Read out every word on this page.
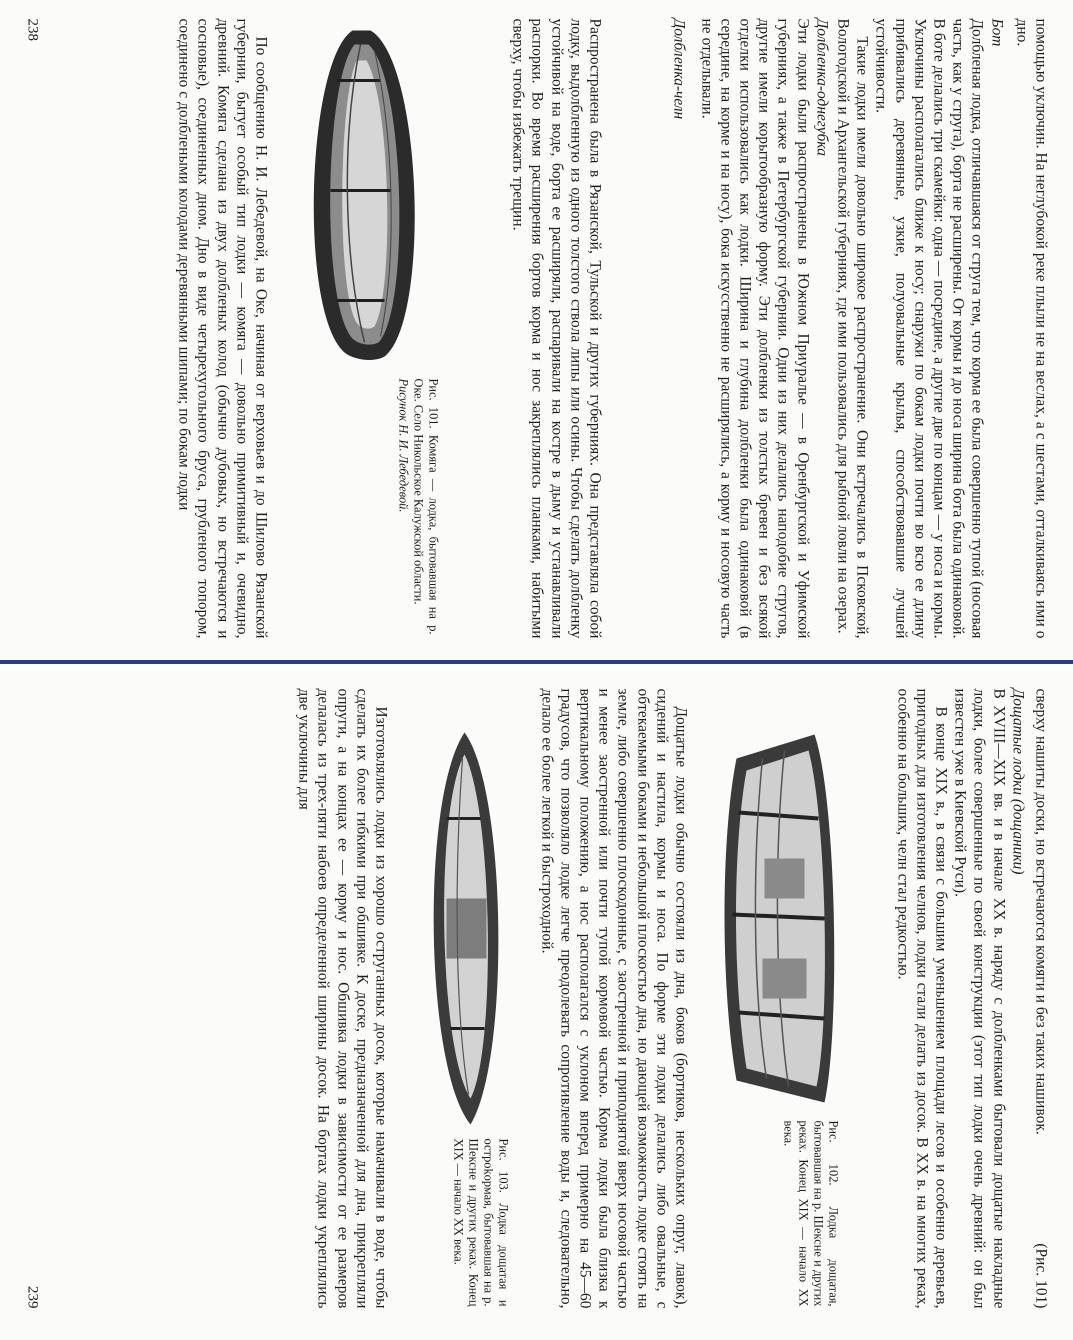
помощью уключин. На неглубокой реке плыли не на веслах, а с шестами, отталкиваясь ими о дно.

Бот

Долбленая лодка, отличавшаяся от струга тем, что корма ее была совершенно тупой (носовая часть, как у струга), борта не расширены. От кормы и до носа ширина бота была одинаковой. В боте делались три скамейки: одна — посредине, а другие две по концам — у носа и кормы. Уключины располагались ближе к носу; снаружи по бокам лодки почти во всю ее длину прибивались деревянные, узкие, полуовальные крылья, способствовавшие лучшей устойчивости.

Такие лодки имели довольно широкое распространение. Они встречались в Псковской, Вологодской и Архангельской губерниях, где ими пользовались для рыбной ловли на озерах.

Долбленка-однегубка

Эти лодки были распространены в Южном Приуралье — в Оренбургской и Уфимской губерниях, а также в Петербургской губернии. Одни из них делались наподобие стругов, другие имели корытообразную форму. Эти долбленки из толстых бревен и без всякой отделки использовались как лодки. Ширина и глубина долбленки была одинаковой (в середине, на корме и на носу), бока искусственно не расширялись, а корму и носовую часть не отделывали.

Долбленка-челн

Распространена была в Рязанской, Тульской и других губерниях. Она представляла собой лодку, выдолбленную из одного толстого ствола липы или осины. Чтобы сделать долбленку устойчивой на воде, борта ее расширяли, распаривали на костре в дыму и устанавливали распорки. Во время расширения бортов корма и нос закреплялись планками, набитыми сверху, чтобы избежать трещин.

Рис. 101. Комяга — лодка, бытовавшая на р. Оке. Село Никольское Калужской области.
Рисунок Н. И. Лебедевой.

По сообщению Н. И. Лебедевой, на Оке, начиная от верховьев и до Шилово Рязанской губернии, бытует особый тип лодки — комяга — довольно примитивный и, очевидно, древний. Комяга сделана из двух долбленых колод (обычно дубовых, но встречаются и сосновые), соединенных дном. Дно в виде четырехугольного бруса, грубленого топором, соединено с долблеными колодами деревянными шипами; по бокам лодки

238

сверху нашиты доски, но встречаются комяги и без таких нашивок.
(Рис. 101)

Дощатые лодки (дощаники)

В XVIII—XIX вв. и в начале XX в. наряду с долбленками бытовали дощатые накладные лодки, более совершенные по своей конструкции (этот тип лодки очень древний: он был известен уже в Киевской Руси).

В конце XIX в., в связи с большим уменьшением площади лесов и особенно деревьев, пригодных для изготовления челнов, лодки стали делать из досок. В XX в. на многих реках, особенно на больших, челн стал редкостью.

Рис. 102. Лодка дощатая, бытовавшая на р. Шексне и других реках. Конец XIX — начало XX века.

Дощатые лодки обычно состояли из дна, боков (бортиков, нескольких опруг, лавок), сидений и настила, кормы и носа. По форме эти лодки делались либо овальные, с обтекаемыми боками и небольшой плоскостью дна, но дающей возможность лодке стоять на земле, либо совершенно плоскодонные, с заостренной и приподнятой вверх носовой частью и менее заостренной или почти тупой кормовой частью. Корма лодки была близка к вертикальному положению, а нос располагался с уклоном вперед примерно на 45—60 градусов, что позволяло лодке легче преодолевать сопротивление воды и, следовательно, делало ее более легкой и быстроходной.

Рис. 103. Лодка дощатая и остроkормая, бытовавшая на р. Шексне и других реках. Конец XIX — начало XX века.

Изготовлялись лодки из хорошо оструганных досок, которые намачивали в воде, чтобы сделать их более гибкими при обшивке. К доске, предназначенной для дна, прикрепляли опруги, а на концах ее — корму и нос. Обшивка лодки в зависимости от ее размеров делалась из трех-пяти набоев определенной ширины досок. На бортах лодки укреплялись две уключины для

239
